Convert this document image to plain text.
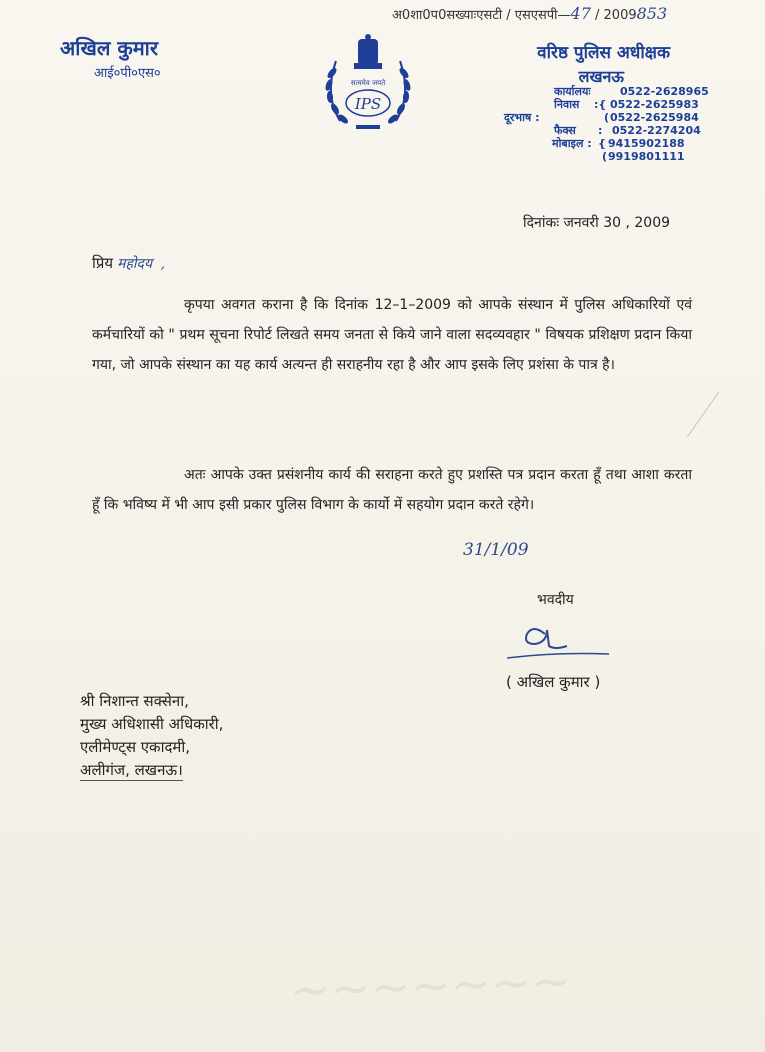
अ0शा0प0सख्याःएसटी / एसएसपी—47 / 2009853
अखिल कुमार
आई०पी०एस०
सत्यमेव जयते
IPS
वरिष्ठ पुलिस अधीक्षक
लखनऊ
कार्यालयः	0522-2628965
निवास :{ 0522-2625983
दूरभाष :	( 0522-2625984
फैक्स : 0522-2274204
मोबाइल : { 9415902188
( 9919801111
दिनांकः जनवरी 30 , 2009
प्रिय महोदय ,
कृपया अवगत कराना है कि दिनांक 12–1–2009 को आपके संस्थान में पुलिस अधिकारियों एवं कर्मचारियों को " प्रथम सूचना रिपोर्ट लिखते समय जनता से किये जाने वाला सदव्यवहार " विषयक प्रशिक्षण प्रदान किया गया, जो आपके संस्थान का यह कार्य अत्यन्त ही सराहनीय रहा है और आप इसके लिए प्रशंसा के पात्र है।
अतः आपके उक्त प्रसंशनीय कार्य की सराहना करते हुए प्रशस्ति पत्र प्रदान करता हूँ तथा आशा करता हूँ कि भविष्य में भी आप इसी प्रकार पुलिस विभाग के कार्यो में सहयोग प्रदान करते रहेगे।
31/1/09
भवदीय
( अखिल कुमार )
श्री निशान्त सक्सेना,
मुख्य अधिशासी अधिकारी,
एलीमेण्ट्स एकादमी,
अलीगंज, लखनऊ।
~~~~~~~
